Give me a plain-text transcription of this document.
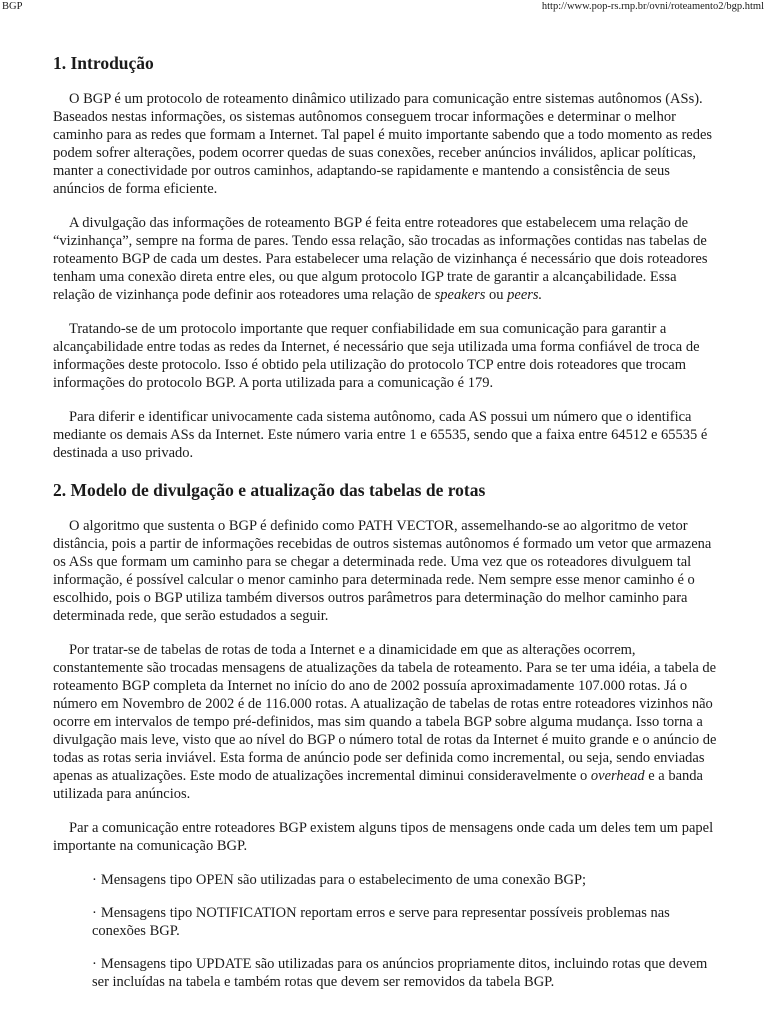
BGP	http://www.pop-rs.rnp.br/ovni/roteamento2/bgp.html
1. Introdução

O BGP é um protocolo de roteamento dinâmico utilizado para comunicação entre sistemas autônomos (ASs). Baseados nestas informações, os sistemas autônomos conseguem trocar informações e determinar o melhor caminho para as redes que formam a Internet. Tal papel é muito importante sabendo que a todo momento as redes podem sofrer alterações, podem ocorrer quedas de suas conexões, receber anúncios inválidos, aplicar políticas, manter a conectividade por outros caminhos, adaptando-se rapidamente e mantendo a consistência de seus anúncios de forma eficiente.

A divulgação das informações de roteamento BGP é feita entre roteadores que estabelecem uma relação de “vizinhança”, sempre na forma de pares. Tendo essa relação, são trocadas as informações contidas nas tabelas de roteamento BGP de cada um destes. Para estabelecer uma relação de vizinhança é necessário que dois roteadores tenham uma conexão direta entre eles, ou que algum protocolo IGP trate de garantir a alcançabilidade. Essa relação de vizinhança pode definir aos roteadores uma relação de speakers ou peers.

Tratando-se de um protocolo importante que requer confiabilidade em sua comunicação para garantir a alcançabilidade entre todas as redes da Internet, é necessário que seja utilizada uma forma confiável de troca de informações deste protocolo. Isso é obtido pela utilização do protocolo TCP entre dois roteadores que trocam informações do protocolo BGP. A porta utilizada para a comunicação é 179.

Para diferir e identificar univocamente cada sistema autônomo, cada AS possui um número que o identifica mediante os demais ASs da Internet. Este número varia entre 1 e 65535, sendo que a faixa entre 64512 e 65535 é destinada a uso privado.

2. Modelo de divulgação e atualização das tabelas de rotas

O algoritmo que sustenta o BGP é definido como PATH VECTOR, assemelhando-se ao algoritmo de vetor distância, pois a partir de informações recebidas de outros sistemas autônomos é formado um vetor que armazena os ASs que formam um caminho para se chegar a determinada rede. Uma vez que os roteadores divulguem tal informação, é possível calcular o menor caminho para determinada rede. Nem sempre esse menor caminho é o escolhido, pois o BGP utiliza também diversos outros parâmetros para determinação do melhor caminho para determinada rede, que serão estudados a seguir.

Por tratar-se de tabelas de rotas de toda a Internet e a dinamicidade em que as alterações ocorrem, constantemente são trocadas mensagens de atualizações da tabela de roteamento. Para se ter uma idéia, a tabela de roteamento BGP completa da Internet no início do ano de 2002 possuía aproximadamente 107.000 rotas. Já o número em Novembro de 2002 é de 116.000 rotas. A atualização de tabelas de rotas entre roteadores vizinhos não ocorre em intervalos de tempo pré-definidos, mas sim quando a tabela BGP sobre alguma mudança. Isso torna a divulgação mais leve, visto que ao nível do BGP o número total de rotas da Internet é muito grande e o anúncio de todas as rotas seria inviável. Esta forma de anúncio pode ser definida como incremental, ou seja, sendo enviadas apenas as atualizações. Este modo de atualizações incremental diminui consideravelmente o overhead e a banda utilizada para anúncios.

Par a comunicação entre roteadores BGP existem alguns tipos de mensagens onde cada um deles tem um papel importante na comunicação BGP.

· Mensagens tipo OPEN são utilizadas para o estabelecimento de uma conexão BGP;

· Mensagens tipo NOTIFICATION reportam erros e serve para representar possíveis problemas nas conexões BGP.

· Mensagens tipo UPDATE são utilizadas para os anúncios propriamente ditos, incluindo rotas que devem ser incluídas na tabela e também rotas que devem ser removidos da tabela BGP.
